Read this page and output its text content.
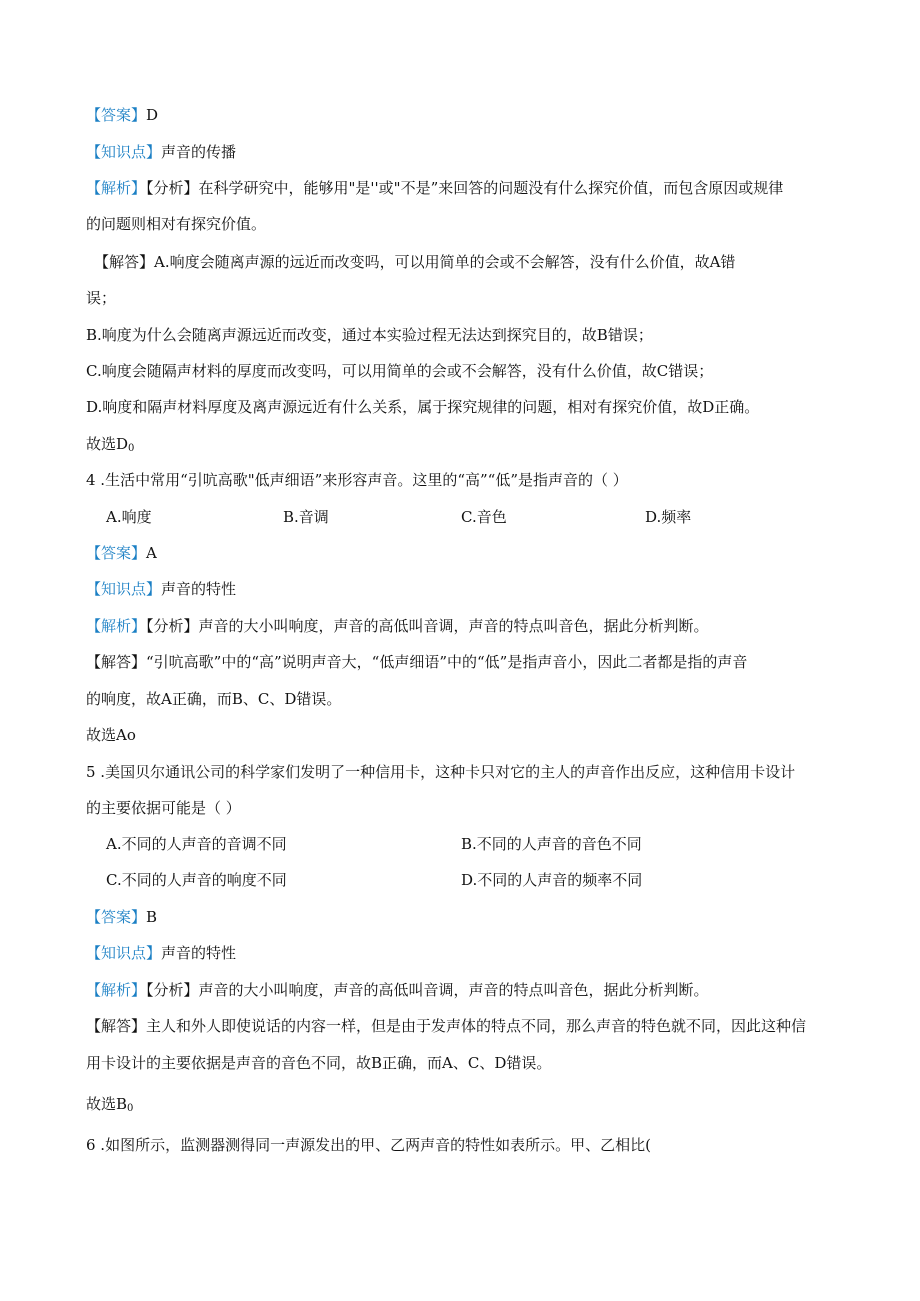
【答案】D
【知识点】声音的传播
【解析】【分析】在科学研究中，能够用"是''或"不是”来回答的问题没有什么探究价值，而包含原因或规律
的问题则相对有探究价值。
【解答】A.响度会随离声源的远近而改变吗，可以用简单的会或不会解答，没有什么价值，故A错
误；
B.响度为什么会随离声源远近而改变，通过本实验过程无法达到探究目的，故B错误；
C.响度会随隔声材料的厚度而改变吗，可以用简单的会或不会解答，没有什么价值，故C错误；
D.响度和隔声材料厚度及离声源远近有什么关系，属于探究规律的问题，相对有探究价值，故D正确。
故选$D_0$
4 .生活中常用“引吭高歌"低声细语”来形容声音。这里的“高”“低”是指声音的（ ）
A.响度	B.音调	C.音色	D.频率
【答案】A
【知识点】声音的特性
【解析】【分析】声音的大小叫响度，声音的高低叫音调，声音的特点叫音色，据此分析判断。
【解答】“引吭高歌”中的“高”说明声音大，“低声细语”中的“低”是指声音小，因此二者都是指的声音
的响度，故A正确，而B、C、D错误。
故选Ao
5 .美国贝尔通讯公司的科学家们发明了一种信用卡，这种卡只对它的主人的声音作出反应，这种信用卡设计
的主要依据可能是（ ）
A.不同的人声音的音调不同	B.不同的人声音的音色不同
C.不同的人声音的响度不同	D.不同的人声音的频率不同
【答案】B
【知识点】声音的特性
【解析】【分析】声音的大小叫响度，声音的高低叫音调，声音的特点叫音色，据此分析判断。
【解答】主人和外人即使说话的内容一样，但是由于发声体的特点不同，那么声音的特色就不同，因此这种信
用卡设计的主要依据是声音的音色不同，故B正确，而A、C、D错误。
故选$B_0$
6 .如图所示，监测器测得同一声源发出的甲、乙两声音的特性如表所示。甲、乙相比(
